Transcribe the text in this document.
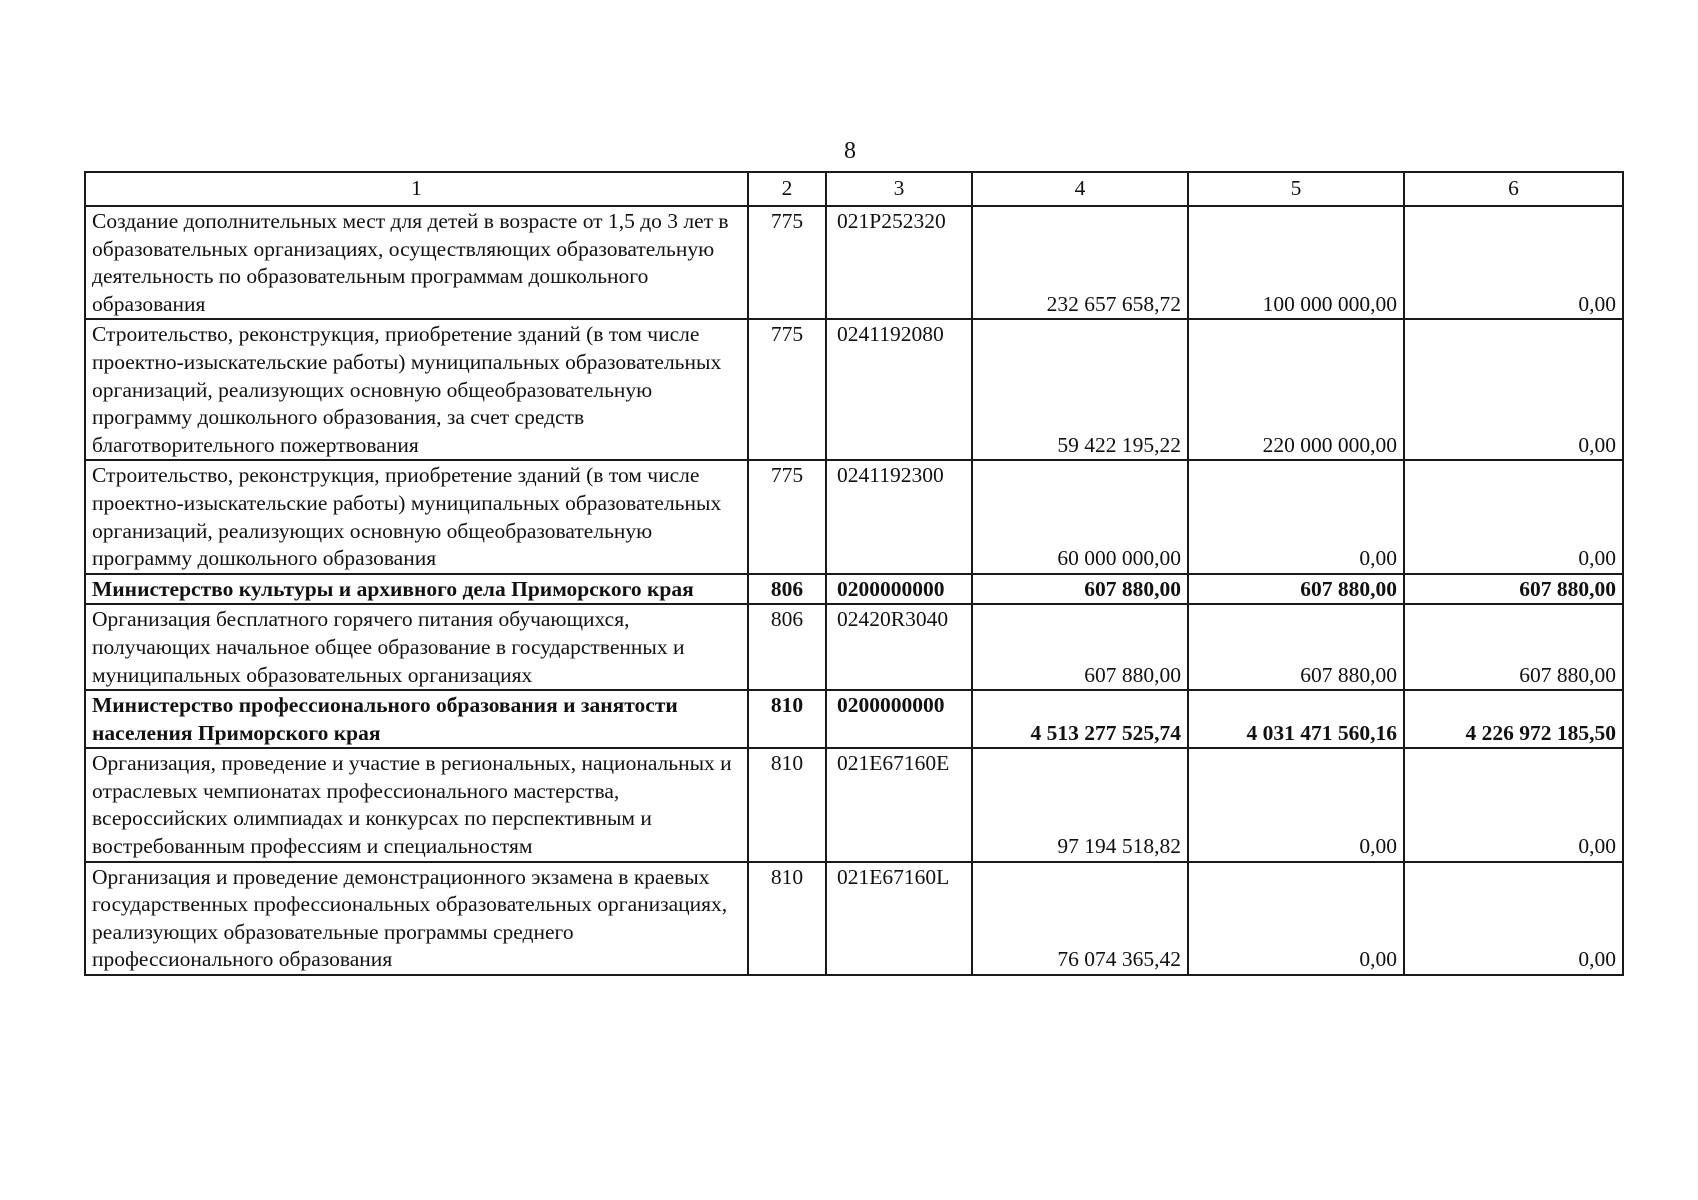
8
1	2	3	4	5	6
Создание дополнительных мест для детей в возрасте от 1,5 до 3 лет в образовательных организациях, осуществляющих образовательную деятельность по образовательным программам дошкольного образования	775	021P252320	232 657 658,72	100 000 000,00	0,00
Строительство, реконструкция, приобретение зданий (в том числе проектно-изыскательские работы) муниципальных образовательных организаций, реализующих основную общеобразовательную программу дошкольного образования, за счет средств благотворительного пожертвования	775	0241192080	59 422 195,22	220 000 000,00	0,00
Строительство, реконструкция, приобретение зданий (в том числе проектно-изыскательские работы) муниципальных образовательных организаций, реализующих основную общеобразовательную программу дошкольного образования	775	0241192300	60 000 000,00	0,00	0,00
Министерство культуры и архивного дела Приморского края	806	0200000000	607 880,00	607 880,00	607 880,00
Организация бесплатного горячего питания обучающихся, получающих начальное общее образование в государственных и муниципальных образовательных организациях	806	02420R3040	607 880,00	607 880,00	607 880,00
Министерство профессионального образования и занятости населения Приморского края	810	0200000000	4 513 277 525,74	4 031 471 560,16	4 226 972 185,50
Организация, проведение и участие в региональных, национальных и отраслевых чемпионатах профессионального мастерства, всероссийских олимпиадах и конкурсах по перспективным и востребованным профессиям и специальностям	810	021E67160E	97 194 518,82	0,00	0,00
Организация и проведение демонстрационного экзамена в краевых государственных профессиональных образовательных организациях, реализующих образовательные программы среднего профессионального образования	810	021E67160L	76 074 365,42	0,00	0,00
